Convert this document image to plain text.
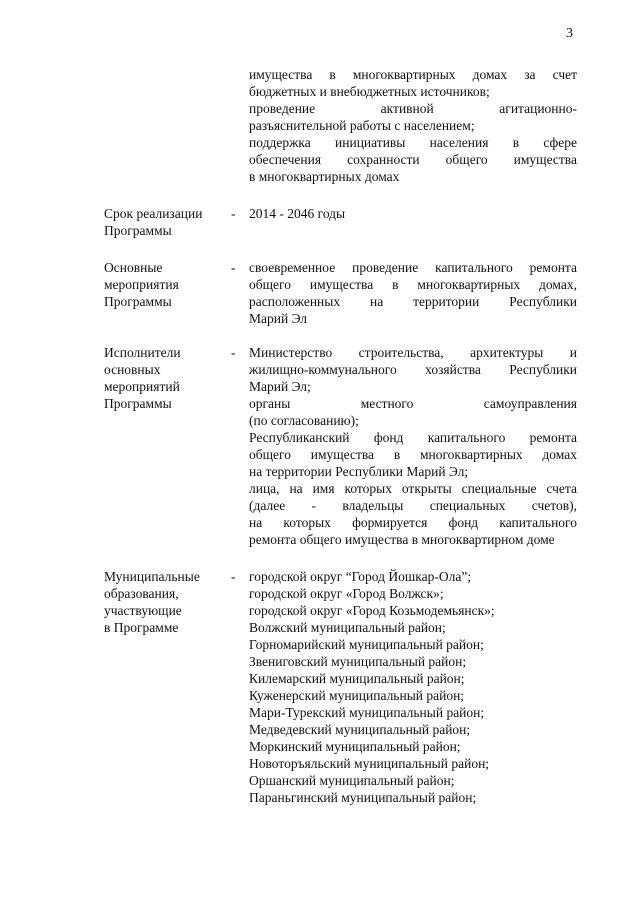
3
имущества в многоквартирных домах за счет
бюджетных и внебюджетных источников;
проведение активной агитационно-
разъяснительной работы с населением;
поддержка инициативы населения в сфере
обеспечения сохранности общего имущества
в многоквартирных домах
Срок реализации
Программы
- 2014 - 2046 годы
Основные
мероприятия
Программы
- своевременное проведение капитального ремонта
общего имущества в многоквартирных домах,
расположенных на территории Республики
Марий Эл
Исполнители
основных
мероприятий
Программы
- Министерство строительства, архитектуры и
жилищно-коммунального хозяйства Республики
Марий Эл;
органы местного самоуправления
(по согласованию);
Республиканский фонд капитального ремонта
общего имущества в многоквартирных домах
на территории Республики Марий Эл;
лица, на имя которых открыты специальные счета
(далее - владельцы специальных счетов),
на которых формируется фонд капитального
ремонта общего имущества в многоквартирном доме
Муниципальные
образования,
участвующие
в Программе
- городской округ “Город Йошкар-Ола”;
городской округ «Город Волжск»;
городской округ «Город Козьмодемьянск»;
Волжский муниципальный район;
Горномарийский муниципальный район;
Звениговский муниципальный район;
Килемарский муниципальный район;
Куженерский муниципальный район;
Мари-Турекский муниципальный район;
Медведевский муниципальный район;
Моркинский муниципальный район;
Новоторъяльский муниципальный район;
Оршанский муниципальный район;
Параньгинский муниципальный район;
